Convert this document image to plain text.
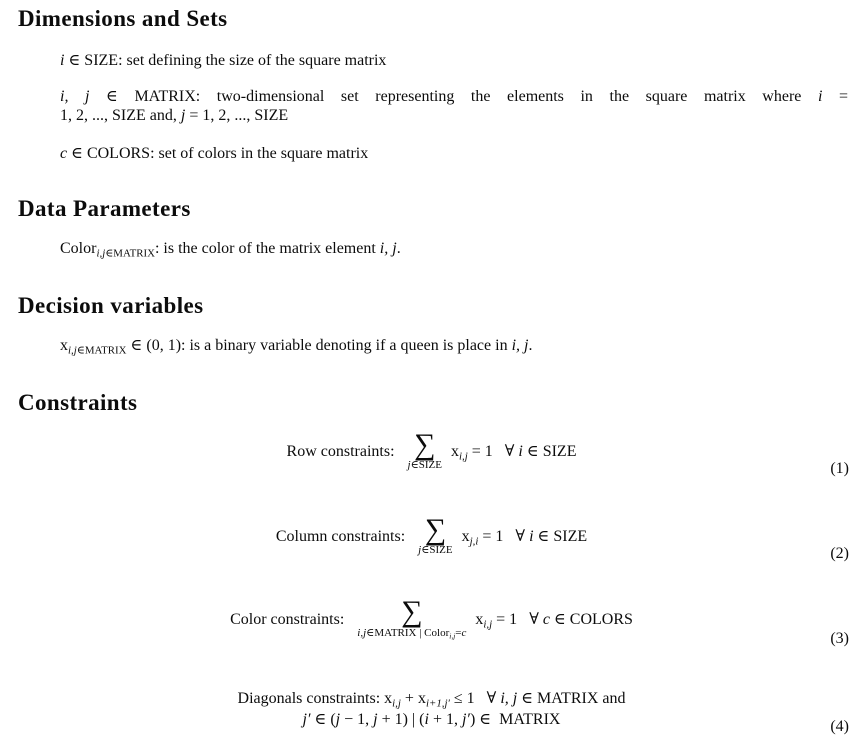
Dimensions and Sets
i ∈ SIZE: set defining the size of the square matrix
i, j ∈ MATRIX: two-dimensional set representing the elements in the square matrix where i =
1, 2, ..., SIZE and, j = 1, 2, ..., SIZE
c ∈ COLORS: set of colors in the square matrix
Data Parameters
Color$_{i,j\in MATRIX}$: is the color of the matrix element i, j.
Decision variables
$x_{i,j\in MATRIX}$ ∈ (0, 1): is a binary variable denoting if a queen is place in i, j.
Constraints
Row constraints: ∑
j∈SIZE
$x_{i,j} = 1$   ∀ i ∈ SIZE
(1)
Column constraints: ∑
j∈SIZE
$x_{j,i} = 1$   ∀ i ∈ SIZE
(2)
Color constraints: ∑
i,j∈MATRIX | Color$_{i,j}$=c
$x_{i,j} = 1$   ∀ c ∈ COLORS
(3)
Diagonals constraints: $x_{i,j} + x_{i+1,j'} \le 1$   ∀ i, j ∈ MATRIX and
j′ ∈ (j − 1, j + 1) | (i + 1, j′) ∈  MATRIX	(4)
